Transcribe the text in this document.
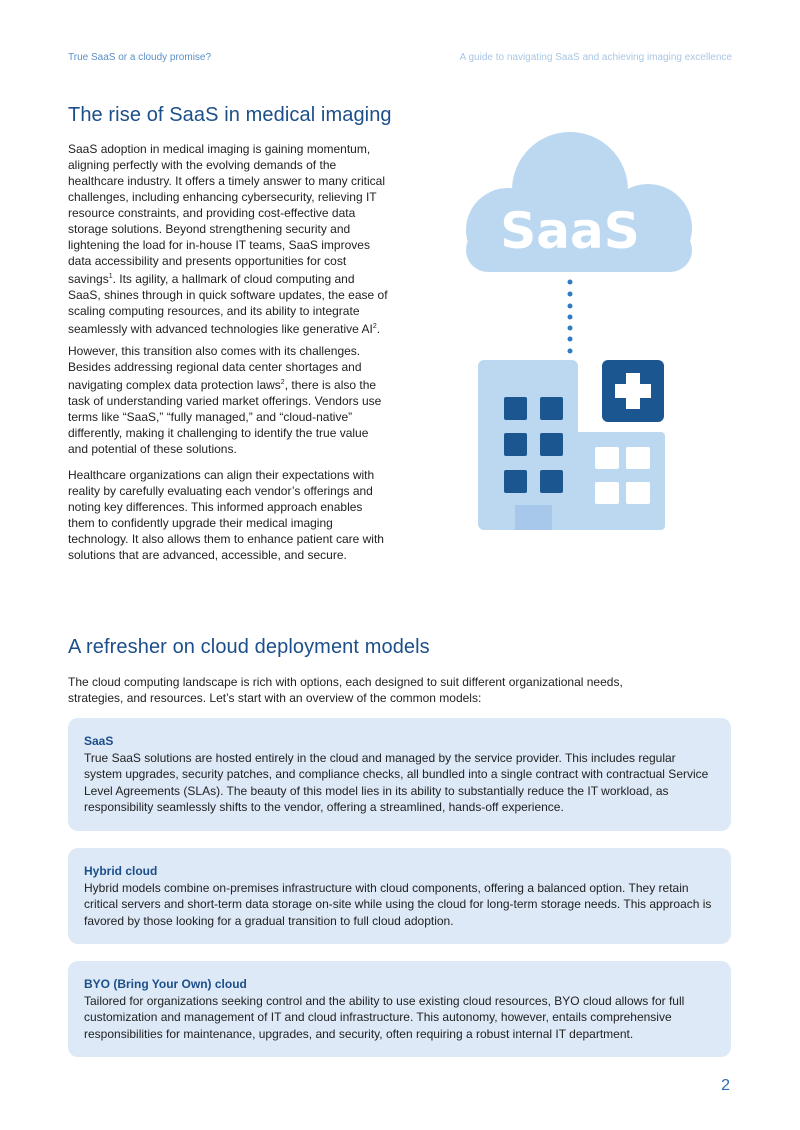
True SaaS or a cloudy promise?	A guide to navigating SaaS and achieving imaging excellence
The rise of SaaS in medical imaging

SaaS adoption in medical imaging is gaining momentum, aligning perfectly with the evolving demands of the healthcare industry. It offers a timely answer to many critical challenges, including enhancing cybersecurity, relieving IT resource constraints, and providing cost-effective data storage solutions. Beyond strengthening security and lightening the load for in-house IT teams, SaaS improves data accessibility and presents opportunities for cost savings$^1$. Its agility, a hallmark of cloud computing and SaaS, shines through in quick software updates, the ease of scaling computing resources, and its ability to integrate seamlessly with advanced technologies like generative $AI^2$.

However, this transition also comes with its challenges. Besides addressing regional data center shortages and navigating complex data protection laws$^2$, there is also the task of understanding varied market offerings. Vendors use terms like “SaaS,” “fully managed,” and “cloud-native” differently, making it challenging to identify the true value and potential of these solutions.

Healthcare organizations can align their expectations with reality by carefully evaluating each vendor’s offerings and noting key differences. This informed approach enables them to confidently upgrade their medical imaging technology. It also allows them to enhance patient care with solutions that are advanced, accessible, and secure.

SaaS
A refresher on cloud deployment models

The cloud computing landscape is rich with options, each designed to suit different organizational needs, strategies, and resources. Let’s start with an overview of the common models:

SaaS

True SaaS solutions are hosted entirely in the cloud and managed by the service provider. This includes regular system upgrades, security patches, and compliance checks, all bundled into a single contract with contractual Service Level Agreements (SLAs). The beauty of this model lies in its ability to substantially reduce the IT workload, as responsibility seamlessly shifts to the vendor, offering a streamlined, hands-off experience.

Hybrid cloud

Hybrid models combine on-premises infrastructure with cloud components, offering a balanced option. They retain critical servers and short-term data storage on-site while using the cloud for long-term storage needs. This approach is favored by those looking for a gradual transition to full cloud adoption.

BYO (Bring Your Own) cloud

Tailored for organizations seeking control and the ability to use existing cloud resources, BYO cloud allows for full customization and management of IT and cloud infrastructure. This autonomy, however, entails comprehensive responsibilities for maintenance, upgrades, and security, often requiring a robust internal IT department.

2
